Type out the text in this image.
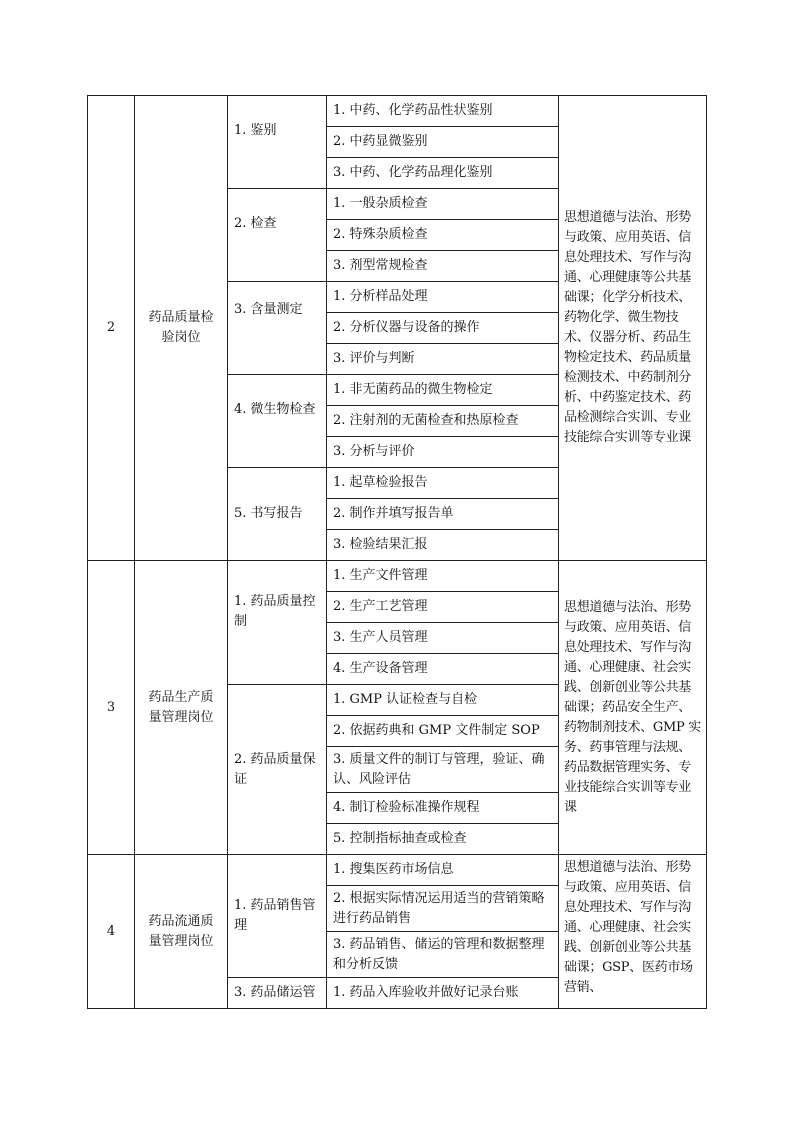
2	药品质量检验岗位	1. 鉴别	1. 中药、化学药品性状鉴别	思想道德与法治、形势与政策、应用英语、信息处理技术、写作与沟通、心理健康等公共基础课；化学分析技术、药物化学、微生物技术、仪器分析、药品生物检定技术、药品质量检测技术、中药制剂分析、中药鉴定技术、药品检测综合实训、专业技能综合实训等专业课

			2. 中药显微鉴别	
			3. 中药、化学药品理化鉴别	

		2. 检查	1. 一般杂质检查	
			2. 特殊杂质检查	
			3. 剂型常规检查	

		3. 含量测定	1. 分析样品处理	
			2. 分析仪器与设备的操作	
			3. 评价与判断	

		4. 微生物检查	1. 非无菌药品的微生物检定	
			2. 注射剂的无菌检查和热原检查	
			3. 分析与评价	

		5. 书写报告	1. 起草检验报告	
			2. 制作并填写报告单	
			3. 检验结果汇报	
3	药品生产质量管理岗位	1. 药品质量控制	1. 生产文件管理	思想道德与法治、形势与政策、应用英语、信息处理技术、写作与沟通、心理健康、社会实践、创新创业等公共基础课；药品安全生产、药物制剂技术、GMP 实务、药事管理与法规、药品数据管理实务、专业技能综合实训等专业课

			2. 生产工艺管理	
			3. 生产人员管理	
			4. 生产设备管理	

		2. 药品质量保证	1. GMP 认证检查与自检	
			2. 依据药典和 GMP 文件制定 SOP	
			3. 质量文件的制订与管理，验证、确认、风险评估	
			4. 制订检验标准操作规程	
			5. 控制指标抽查或检查	
4	药品流通质量管理岗位	1. 药品销售管理	1. 搜集医药市场信息	思想道德与法治、形势与政策、应用英语、信息处理技术、写作与沟通、心理健康、社会实践、创新创业等公共基础课；GSP、医药市场营销、

			2. 根据实际情况运用适当的营销策略进行药品销售	
			3. 药品销售、储运的管理和数据整理和分析反馈	

		3. 药品储运管	1. 药品入库验收并做好记录台账	
